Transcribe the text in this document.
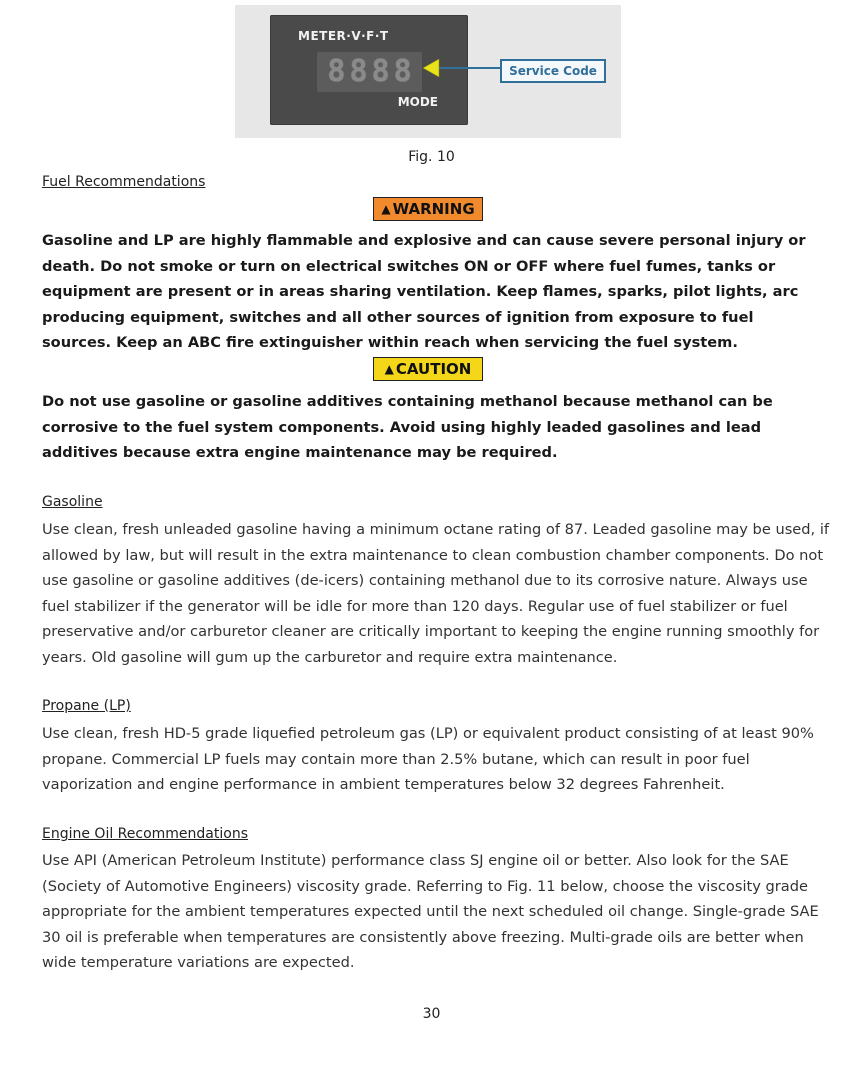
METER·V·F·T
8 8 8 8
MODE
Service Code
Fig. 10
Fuel Recommendations
▲ WARNING
Gasoline and LP are highly flammable and explosive and can cause severe personal injury or death. Do not smoke or turn on electrical switches ON or OFF where fuel fumes, tanks or equipment are present or in areas sharing ventilation. Keep flames, sparks, pilot lights, arc producing equipment, switches and all other sources of ignition from exposure to fuel sources. Keep an ABC fire extinguisher within reach when servicing the fuel system.
▲ CAUTION
Do not use gasoline or gasoline additives containing methanol because methanol can be corrosive to the fuel system components. Avoid using highly leaded gasolines and lead additives because extra engine maintenance may be required.
Gasoline
Use clean, fresh unleaded gasoline having a minimum octane rating of 87. Leaded gasoline may be used, if allowed by law, but will result in the extra maintenance to clean combustion chamber components. Do not use gasoline or gasoline additives (de-icers) containing methanol due to its corrosive nature. Always use fuel stabilizer if the generator will be idle for more than 120 days. Regular use of fuel stabilizer or fuel preservative and/or carburetor cleaner are critically important to keeping the engine running smoothly for years. Old gasoline will gum up the carburetor and require extra maintenance.
Propane (LP)
Use clean, fresh HD-5 grade liquefied petroleum gas (LP) or equivalent product consisting of at least 90% propane. Commercial LP fuels may contain more than 2.5% butane, which can result in poor fuel vaporization and engine performance in ambient temperatures below 32 degrees Fahrenheit.
Engine Oil Recommendations
Use API (American Petroleum Institute) performance class SJ engine oil or better. Also look for the SAE (Society of Automotive Engineers) viscosity grade. Referring to Fig. 11 below, choose the viscosity grade appropriate for the ambient temperatures expected until the next scheduled oil change. Single-grade SAE 30 oil is preferable when temperatures are consistently above freezing. Multi-grade oils are better when wide temperature variations are expected.
30
